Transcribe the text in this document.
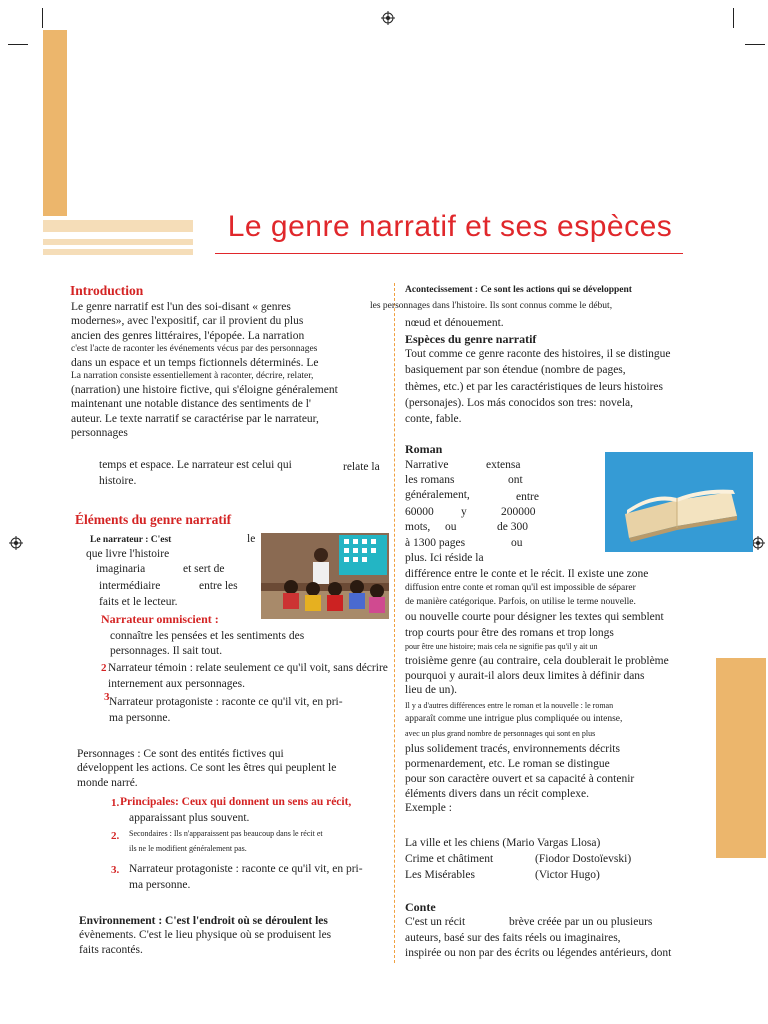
Le genre narratif et ses espèces
Introduction
Le genre narratif est l'un des soi-disant « genres
modernes», avec l'expositif, car il provient du plus
ancien des genres littéraires, l'épopée. La narration
c'est l'acte de raconter les événements vécus par des personnages
dans un espace et un temps fictionnels déterminés. Le
La narration consiste essentiellement à raconter, décrire, relater,
(narration) une histoire fictive, qui s'éloigne généralement
maintenant une notable distance des sentiments de l'
auteur. Le texte narratif se caractérise par le narrateur,
personnages
temps et espace. Le narrateur est celui qui	relate la
histoire.
Éléments du genre narratif
Le narrateur : C'est	le
que livre l'histoire
imaginaria	et sert de
intermédiaire	entre les
faits et le lecteur.
Narrateur omniscient :
connaître les pensées et les sentiments des
personnages. Il sait tout.
2 Narrateur témoin : relate seulement ce qu'il voit, sans décrire
internement aux personnages.
3 Narrateur protagoniste : raconte ce qu'il vit, en pri-
ma personne.
Personnages : Ce sont des entités fictives qui
développent les actions. Ce sont les êtres qui peuplent le
monde narré.
1. Principales: Ceux qui donnent un sens au récit,
apparaissant plus souvent.
2. Secondaires : Ils n'apparaissent pas beaucoup dans le récit et
ils ne le modifient généralement pas.
3. Narrateur protagoniste : raconte ce qu'il vit, en pri-
ma personne.
Environnement : C'est l'endroit où se déroulent les
évènements. C'est le lieu physique où se produisent les
faits racontés.
Acontecissement : Ce sont les actions qui se développent
les personnages dans l'histoire. Ils sont connus comme le début,
nœud et dénouement.
Espèces du genre narratif
Tout comme ce genre raconte des histoires, il se distingue
basiquement par son étendue (nombre de pages,
thèmes, etc.) et par les caractéristiques de leurs histoires
(personajes). Los más conocidos son tres: novela,
conte, fable.
Roman
Narrative	extensa
les romans	ont
généralement,	entre
60000 y	200000
mots, ou	de 300
à 1300 pages	ou
plus. Ici réside la
différence entre le conte et le récit. Il existe une zone
diffusion entre conte et roman qu'il est impossible de séparer
de manière catégorique. Parfois, on utilise le terme nouvelle.
ou nouvelle courte pour désigner les textes qui semblent
trop courts pour être des romans et trop longs
pour être une histoire; mais cela ne signifie pas qu'il y ait un
troisième genre (au contraire, cela doublerait le problème
pourquoi y aurait-il alors deux limites à définir dans
lieu de un).
Il y a d'autres différences entre le roman et la nouvelle : le roman
apparaît comme une intrigue plus compliquée ou intense,
avec un plus grand nombre de personnages qui sont en plus
plus solidement tracés, environnements décrits
pormenardement, etc. Le roman se distingue
pour son caractère ouvert et sa capacité à contenir
éléments divers dans un récit complexe.
Exemple :
La ville et les chiens (Mario Vargas Llosa)
Crime et châtiment	(Fiodor Dostoïevski)
Les Misérables	(Victor Hugo)
Conte
C'est un récit	brève créée par un ou plusieurs
auteurs, basé sur des faits réels ou imaginaires,
inspirée ou non par des écrits ou légendes antérieurs, dont
